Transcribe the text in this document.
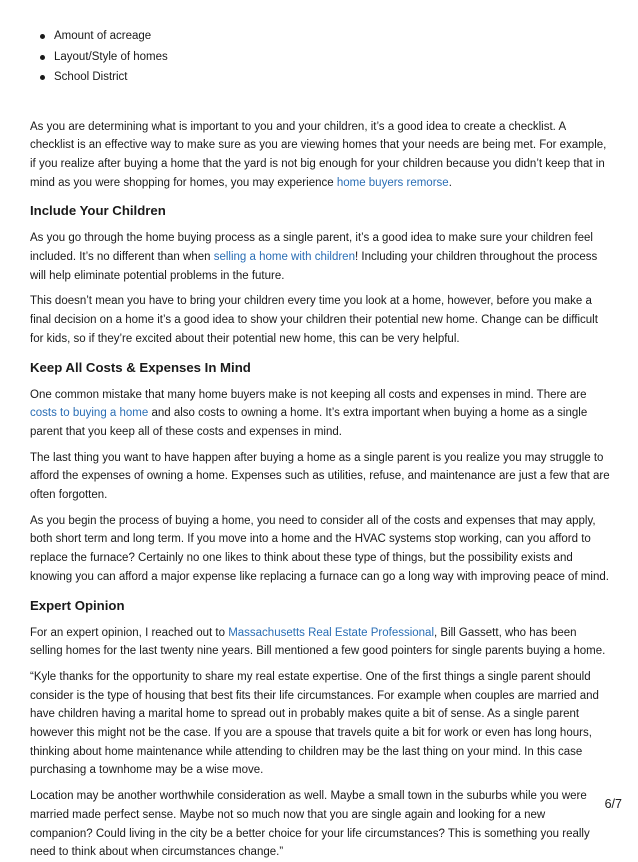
Amount of acreage
Layout/Style of homes
School District

As you are determining what is important to you and your children, it’s a good idea to create a checklist. A checklist is an effective way to make sure as you are viewing homes that your needs are being met. For example, if you realize after buying a home that the yard is not big enough for your children because you didn’t keep that in mind as you were shopping for homes, you may experience home buyers remorse.

Include Your Children

As you go through the home buying process as a single parent, it’s a good idea to make sure your children feel included. It’s no different than when selling a home with children! Including your children throughout the process will help eliminate potential problems in the future.

This doesn’t mean you have to bring your children every time you look at a home, however, before you make a final decision on a home it’s a good idea to show your children their potential new home. Change can be difficult for kids, so if they’re excited about their potential new home, this can be very helpful.

Keep All Costs & Expenses In Mind

One common mistake that many home buyers make is not keeping all costs and expenses in mind. There are costs to buying a home and also costs to owning a home. It’s extra important when buying a home as a single parent that you keep all of these costs and expenses in mind.

The last thing you want to have happen after buying a home as a single parent is you realize you may struggle to afford the expenses of owning a home. Expenses such as utilities, refuse, and maintenance are just a few that are often forgotten.

As you begin the process of buying a home, you need to consider all of the costs and expenses that may apply, both short term and long term. If you move into a home and the HVAC systems stop working, can you afford to replace the furnace? Certainly no one likes to think about these type of things, but the possibility exists and knowing you can afford a major expense like replacing a furnace can go a long way with improving peace of mind.

Expert Opinion

For an expert opinion, I reached out to Massachusetts Real Estate Professional, Bill Gassett, who has been selling homes for the last twenty nine years. Bill mentioned a few good pointers for single parents buying a home.

“Kyle thanks for the opportunity to share my real estate expertise. One of the first things a single parent should consider is the type of housing that best fits their life circumstances. For example when couples are married and have children having a marital home to spread out in probably makes quite a bit of sense. As a single parent however this might not be the case. If you are a spouse that travels quite a bit for work or even has long hours, thinking about home maintenance while attending to children may be the last thing on your mind. In this case purchasing a townhome may be a wise move.

Location may be another worthwhile consideration as well. Maybe a small town in the suburbs while you were married made perfect sense. Maybe not so much now that you are single again and looking for a new companion? Could living in the city be a better choice for your life circumstances? This is something you really need to think about when circumstances change.”

6/7
